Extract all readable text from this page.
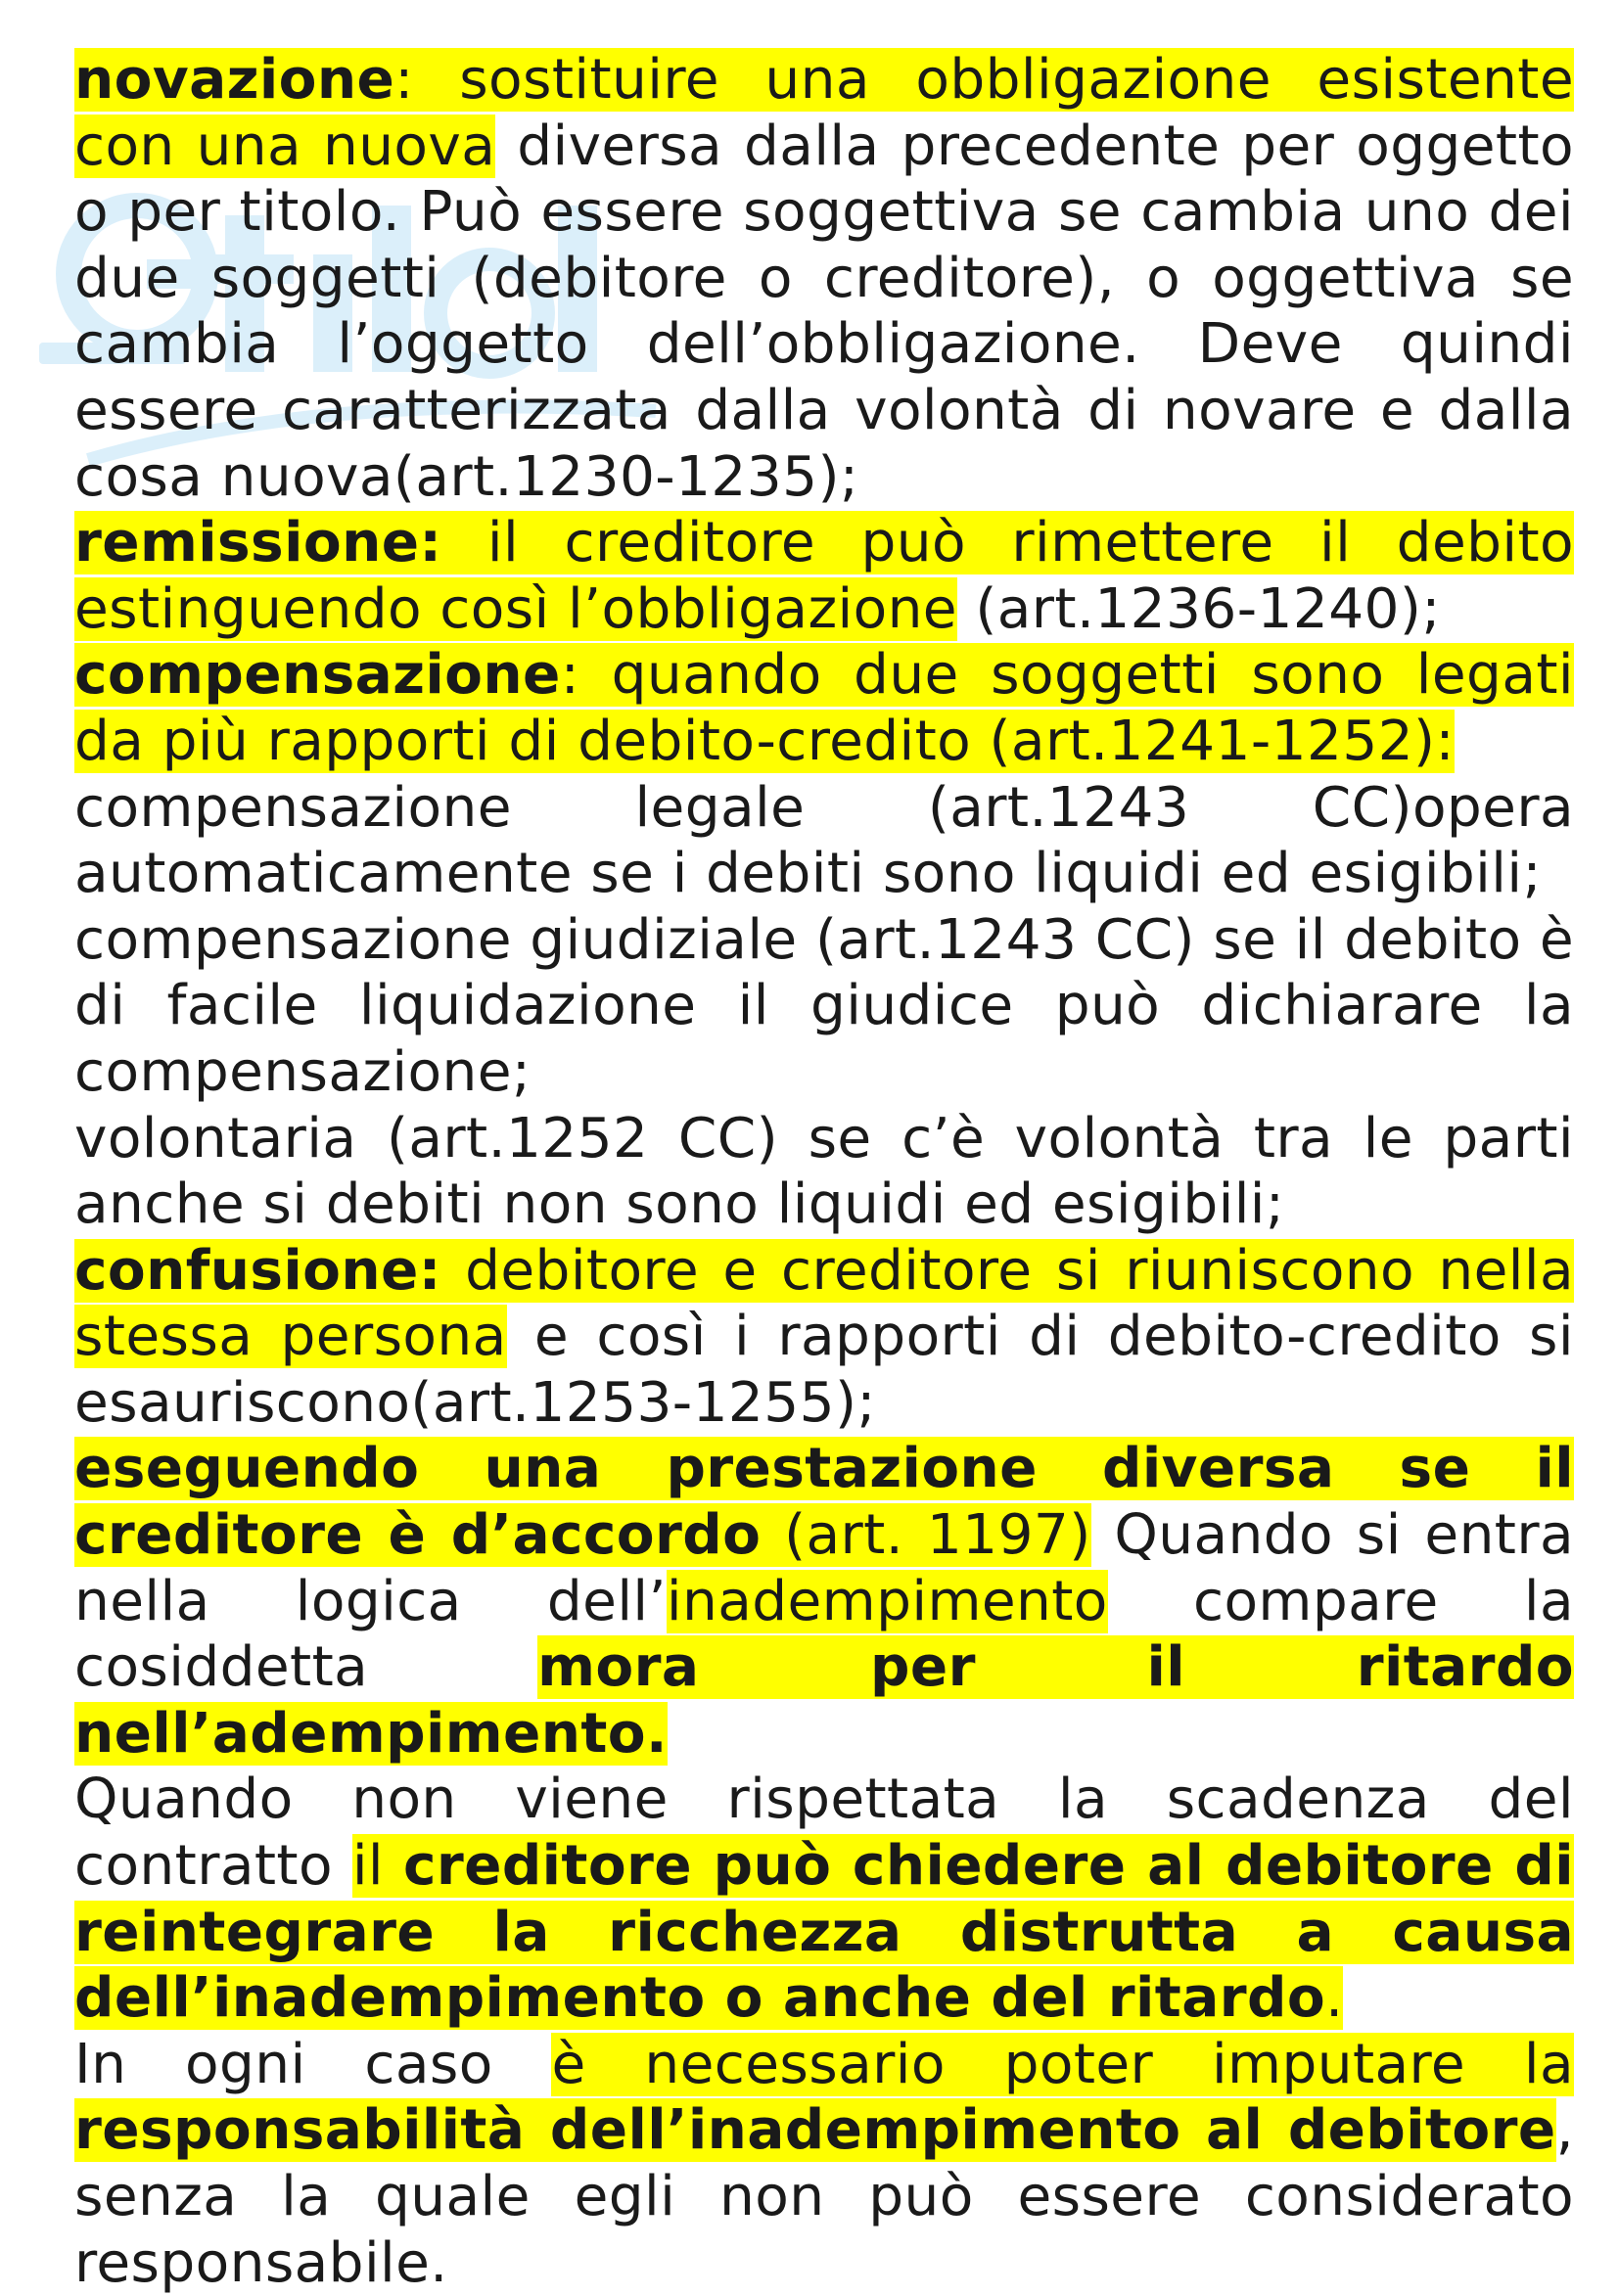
novazione: sostituire una obbligazione esistente con una nuova diversa dalla precedente per oggetto o per titolo. Può essere soggettiva se cambia uno dei due soggetti (debitore o creditore), o oggettiva se cambia l’oggetto dell’obbligazione. Deve quindi essere caratterizzata dalla volontà di novare e dalla cosa nuova(art.1230-1235);

remissione: il creditore può rimettere il debito estinguendo così l’obbligazione (art.1236-1240);

compensazione: quando due soggetti sono legati da più rapporti di debito-credito (art.1241-1252):

compensazione legale (art.1243 CC)opera automaticamente se i debiti sono liquidi ed esigibili;

compensazione giudiziale (art.1243 CC) se il debito è di facile liquidazione il giudice può dichiarare la compensazione;

volontaria (art.1252 CC) se c’è volontà tra le parti anche si debiti non sono liquidi ed esigibili;

confusione: debitore e creditore si riuniscono nella stessa persona e così i rapporti di debito-credito si esauriscono(art.1253-1255);

eseguendo una prestazione diversa se il creditore è d’accordo (art. 1197) Quando si entra nella logica dell’inadempimento compare la cosiddetta mora per il ritardo nell’adempimento.

Quando non viene rispettata la scadenza del contratto il creditore può chiedere al debitore di reintegrare la ricchezza distrutta a causa dell’inadempimento o anche del ritardo.

In ogni caso è necessario poter imputare la responsabilità dell’inadempimento al debitore, senza la quale egli non può essere considerato responsabile.
